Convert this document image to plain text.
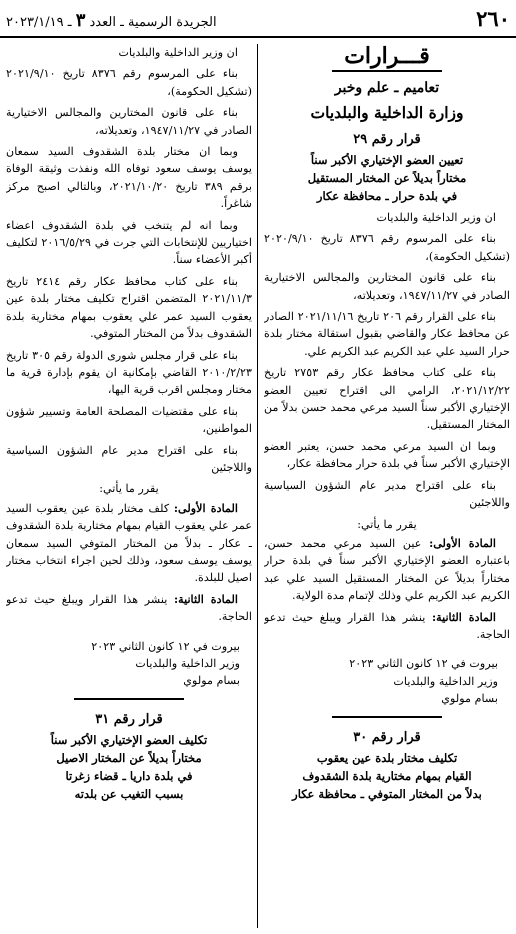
٢٦٠
الجريدة الرسمية ـ العدد ٣ ـ ٢٠٢٣/١/١٩
قـــرارات
تعاميم ـ علم وخبر
وزارة الداخلية والبلديات
قرار رقم ٢٩
تعيين العضو الإختياري الأكبر سناً
مختاراً بديلاً عن المختار المستقيل
في بلدة حرار ـ محافظة عكار

ان وزير الداخلية والبلديات

بناء على المرسوم رقم ٨٣٧٦ تاريخ ٢٠٢٠/٩/١٠ (تشكيل الحكومة)،

بناء على قانون المختارين والمجالس الاختيارية الصادر في ١٩٤٧/١١/٢٧، وتعديلاته،

بناء على القرار رقم ٢٠٦ تاريخ ٢٠٢١/١١/١٦ الصادر عن محافظ عكار والقاضي بقبول استقالة مختار بلدة حرار السيد علي عبد الكريم عبد الكريم علي.

بناء على كتاب محافظ عكار رقم ٢٧٥٣ تاريخ ٢٠٢١/١٢/٢٢، الرامي الى اقتراح تعيين العضو الإختياري الأكبر سناً السيد مرعي محمد حسن بدلاً من المختار المستقيل.

وبما ان السيد مرعي محمد حسن، يعتبر العضو الإختياري الأكبر سناً في بلدة حرار محافظة عكار،

بناء على اقتراح مدير عام الشؤون السياسية واللاجئين

يقرر ما يأتي:

المادة الأولى: عين السيد مرعي محمد حسن، باعتباره العضو الإختياري الأكبر سناً في بلدة حرار مختاراً بديلاً عن المختار المستقيل السيد علي عبد الكريم عبد الكريم علي وذلك لإتمام مدة الولاية.

المادة الثانية: ينشر هذا القرار ويبلغ حيث تدعو الحاجة.

بيروت في ١٢ كانون الثاني ٢٠٢٣

وزير الداخلية والبلديات

بسام مولوي

قرار رقم ٣٠
تكليف مختار بلدة عين يعقوب
القيام بمهام مختارية بلدة الشقدوف
بدلاً من المختار المتوفي ـ محافظة عكار

ان وزير الداخلية والبلديات

بناء على المرسوم رقم ٨٣٧٦ تاريخ ٢٠٢١/٩/١٠ (تشكيل الحكومة)،

بناء على قانون المختارين والمجالس الاختيارية الصادر في ١٩٤٧/١١/٢٧، وتعديلاته،

وبما ان مختار بلدة الشقدوف السيد سمعان يوسف يوسف سعود توفاه الله ونفذت وثيقة الوفاة برقم ٣٨٩ تاريخ ٢٠٢١/١٠/٢٠، وبالتالي اصبح مركز شاغراً.

وبما انه لم يتنخب في بلدة الشقدوف اعضاء اختياريين للإنتخابات التي جرت في ٢٠١٦/٥/٢٩ لتكليف أكبر الأعضاء سناً.

بناء على كتاب محافظ عكار رقم ٢٤١٤ تاريخ ٢٠٢١/١١/٣ المتضمن اقتراح تكليف مختار بلدة عين يعقوب السيد عمر علي يعقوب بمهام مختارية بلدة الشقدوف بدلاً من المختار المتوفي.

بناء على قرار مجلس شورى الدولة رقم ٣٠٥ تاريخ ٢٠١٠/٢/٢٣ القاضي بإمكانية ان يقوم بإدارة قرية ما مختار ومجلس اقرب قرية اليها،

بناء على مقتضيات المصلحة العامة وتسيير شؤون المواطنين،

بناء على اقتراح مدير عام الشؤون السياسية واللاجئين

يقرر ما يأتي:

المادة الأولى: كلف مختار بلدة عين يعقوب السيد عمر علي يعقوب القيام بمهام مختارية بلدة الشقدوف ـ عكار ـ بدلاً من المختار المتوفي السيد سمعان يوسف يوسف سعود، وذلك لحين اجراء انتخاب مختار اصيل للبلدة.

المادة الثانية: ينشر هذا القرار ويبلغ حيث تدعو الحاجة.

بيروت في ١٢ كانون الثاني ٢٠٢٣

وزير الداخلية والبلديات

بسام مولوي

قرار رقم ٣١
تكليف العضو الإختياري الأكبر سناً
مختاراً بديلاً عن المختار الاصيل
في بلدة داريا ـ قضاء زغرتا
بسبب التغيب عن بلدته
